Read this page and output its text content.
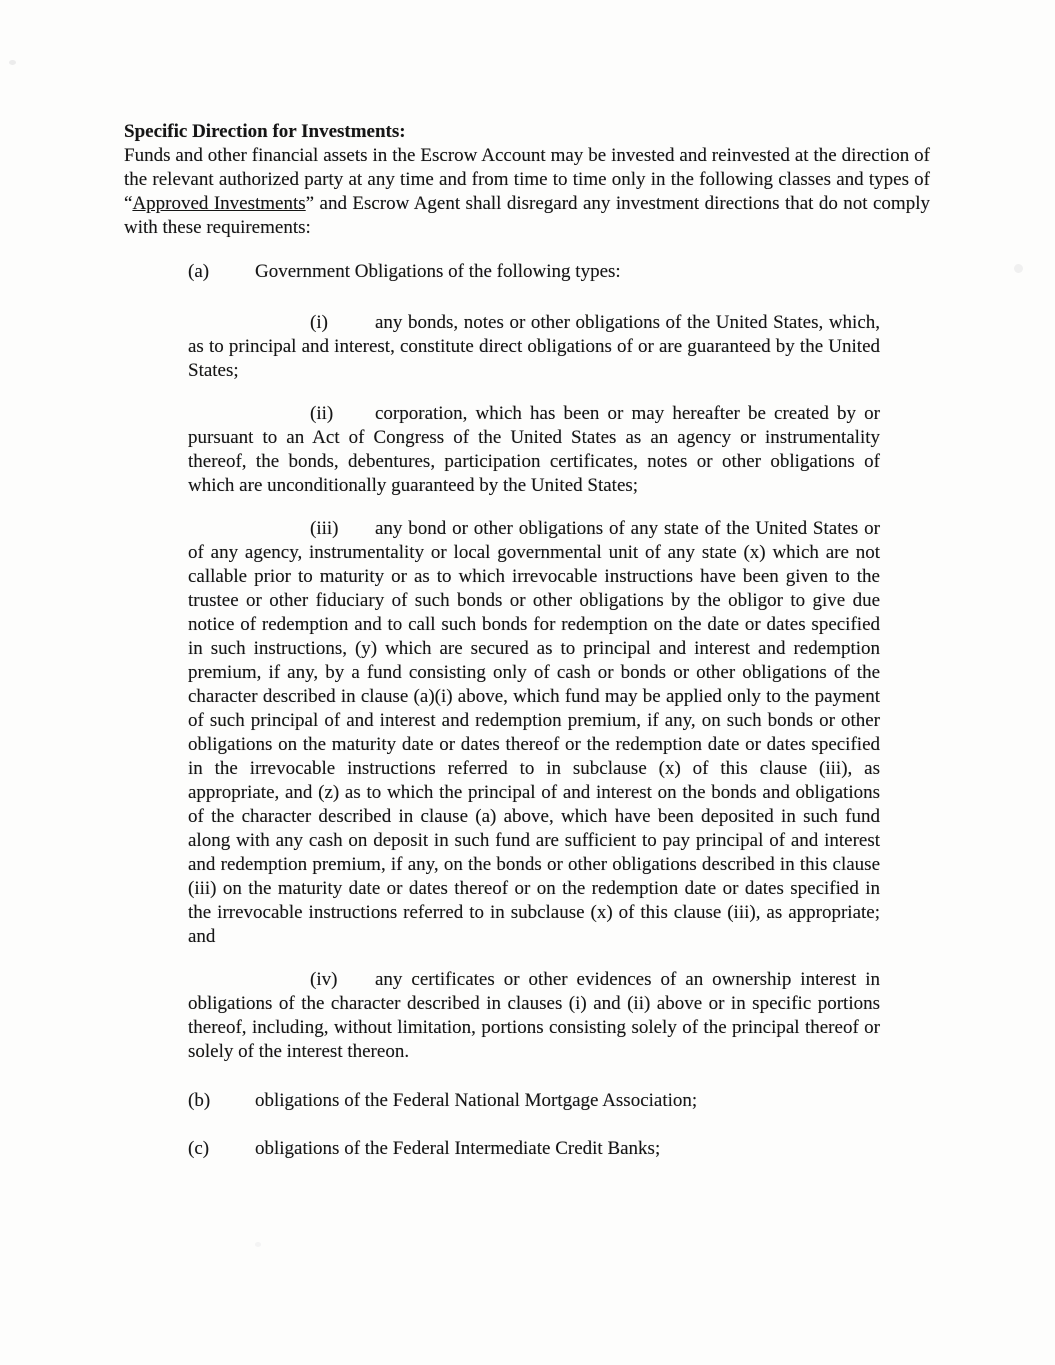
Specific Direction for Investments:

Funds and other financial assets in the Escrow Account may be invested and reinvested at the direction of the relevant authorized party at any time and from time to time only in the following classes and types of “Approved Investments” and Escrow Agent shall disregard any investment directions that do not comply with these requirements:

(a) Government Obligations of the following types:

(i) any bonds, notes or other obligations of the United States, which, as to principal and interest, constitute direct obligations of or are guaranteed by the United States;

(ii) corporation, which has been or may hereafter be created by or pursuant to an Act of Congress of the United States as an agency or instrumentality thereof, the bonds, debentures, participation certificates, notes or other obligations of which are unconditionally guaranteed by the United States;

(iii) any bond or other obligations of any state of the United States or of any agency, instrumentality or local governmental unit of any state (x) which are not callable prior to maturity or as to which irrevocable instructions have been given to the trustee or other fiduciary of such bonds or other obligations by the obligor to give due notice of redemption and to call such bonds for redemption on the date or dates specified in such instructions, (y) which are secured as to principal and interest and redemption premium, if any, by a fund consisting only of cash or bonds or other obligations of the character described in clause (a)(i) above, which fund may be applied only to the payment of such principal of and interest and redemption premium, if any, on such bonds or other obligations on the maturity date or dates thereof or the redemption date or dates specified in the irrevocable instructions referred to in subclause (x) of this clause (iii), as appropriate, and (z) as to which the principal of and interest on the bonds and obligations of the character described in clause (a) above, which have been deposited in such fund along with any cash on deposit in such fund are sufficient to pay principal of and interest and redemption premium, if any, on the bonds or other obligations described in this clause (iii) on the maturity date or dates thereof or on the redemption date or dates specified in the irrevocable instructions referred to in subclause (x) of this clause (iii), as appropriate; and

(iv) any certificates or other evidences of an ownership interest in obligations of the character described in clauses (i) and (ii) above or in specific portions thereof, including, without limitation, portions consisting solely of the principal thereof or solely of the interest thereon.

(b) obligations of the Federal National Mortgage Association;
(c) obligations of the Federal Intermediate Credit Banks;
